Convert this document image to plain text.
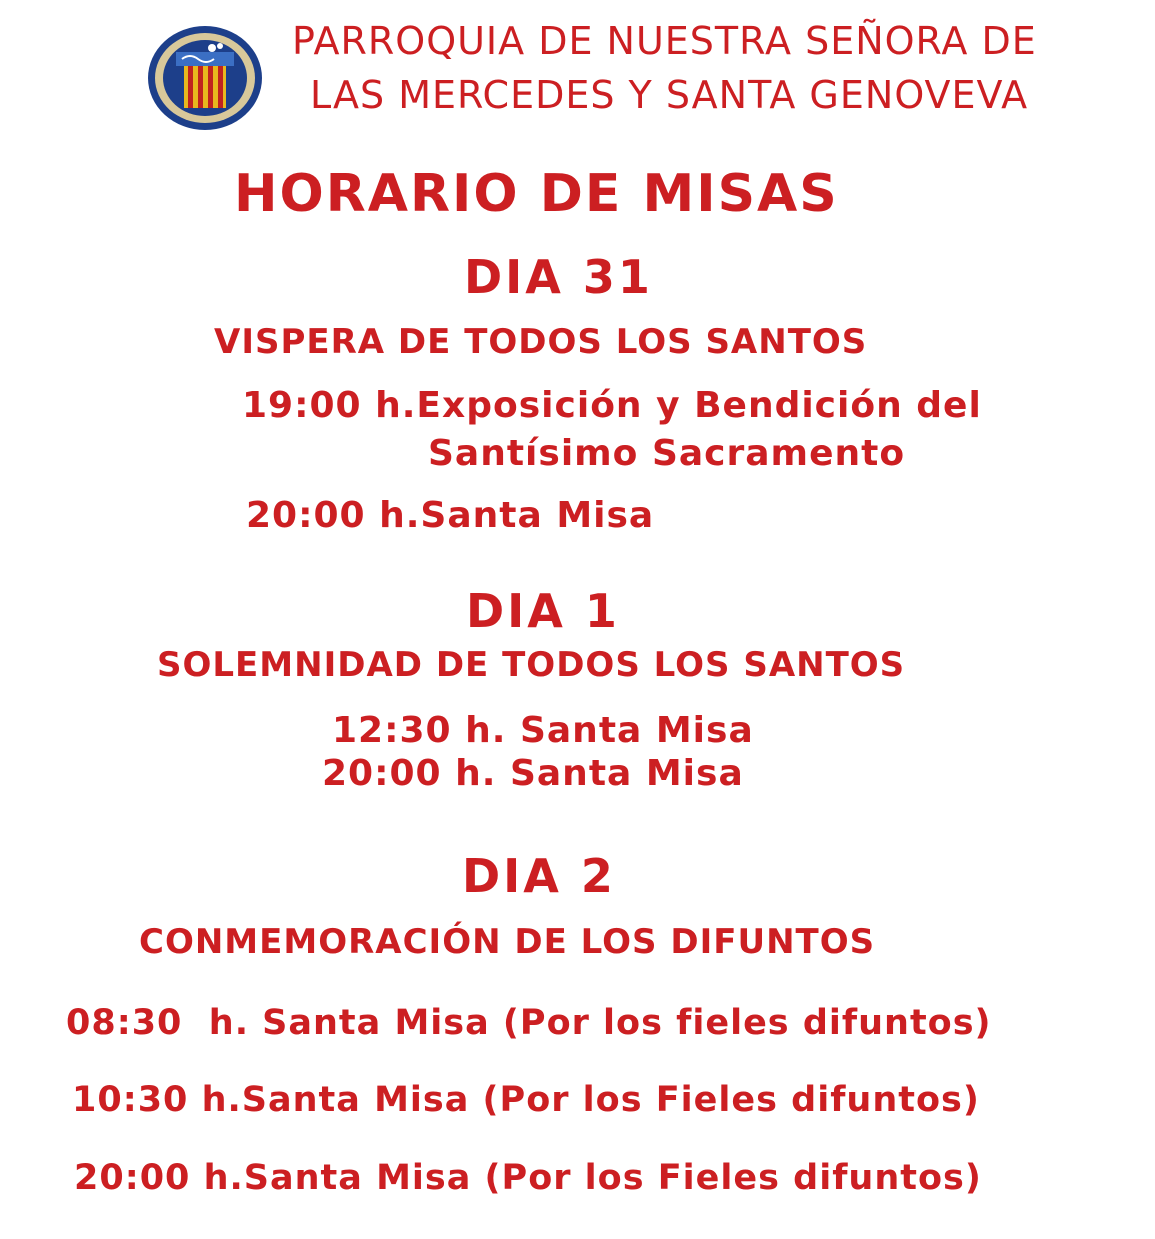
PARROQUIA DE NUESTRA SEÑORA DE
LAS MERCEDES Y SANTA GENOVEVA
HORARIO DE MISAS
DIA 31
VISPERA DE TODOS LOS SANTOS
19:00 h.Exposición y Bendición del
Santísimo Sacramento
20:00 h.Santa Misa
DIA 1
SOLEMNIDAD DE TODOS LOS SANTOS
12:30 h. Santa Misa
20:00 h. Santa Misa
DIA 2
CONMEMORACIÓN DE LOS DIFUNTOS
08:30  h. Santa Misa (Por los fieles difuntos)
10:30 h.Santa Misa (Por los Fieles difuntos)
20:00 h.Santa Misa (Por los Fieles difuntos)
